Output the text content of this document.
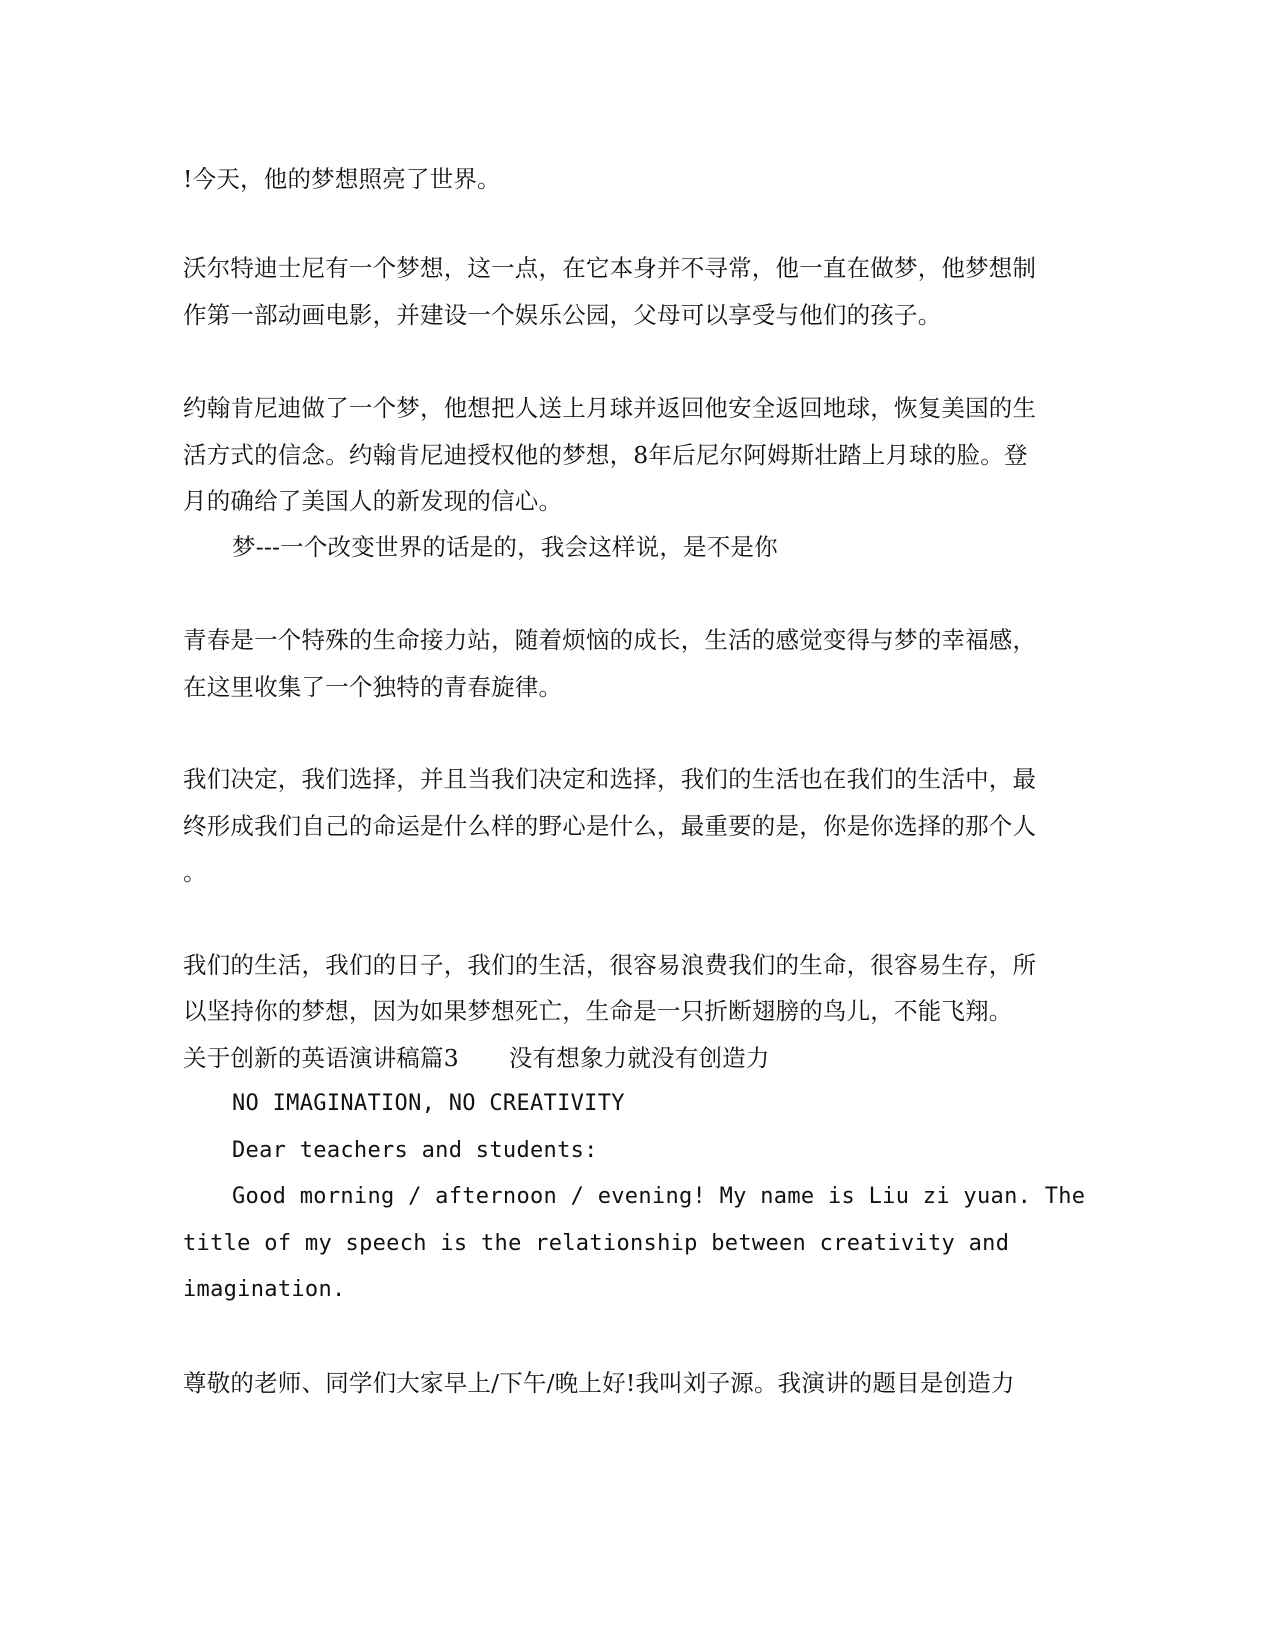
!今天，他的梦想照亮了世界。
沃尔特迪士尼有一个梦想，这一点，在它本身并不寻常，他一直在做梦，他梦想制
作第一部动画电影，并建设一个娱乐公园，父母可以享受与他们的孩子。
约翰肯尼迪做了一个梦，他想把人送上月球并返回他安全返回地球，恢复美国的生
活方式的信念。约翰肯尼迪授权他的梦想，8年后尼尔阿姆斯壮踏上月球的脸。登
月的确给了美国人的新发现的信心。
梦---一个改变世界的话是的，我会这样说，是不是你
青春是一个特殊的生命接力站，随着烦恼的成长，生活的感觉变得与梦的幸福感，
在这里收集了一个独特的青春旋律。
我们决定，我们选择，并且当我们决定和选择，我们的生活也在我们的生活中，最
终形成我们自己的命运是什么样的野心是什么，最重要的是，你是你选择的那个人
。
我们的生活，我们的日子，我们的生活，很容易浪费我们的生命，很容易生存，所
以坚持你的梦想，因为如果梦想死亡，生命是一只折断翅膀的鸟儿，不能飞翔。
关于创新的英语演讲稿篇3 没有想象力就没有创造力
NO IMAGINATION, NO CREATIVITY
Dear teachers and students:
Good morning / afternoon / evening! My name is Liu zi yuan. The
title of my speech is the relationship between creativity and
imagination.
尊敬的老师、同学们大家早上/下午/晚上好!我叫刘子源。我演讲的题目是创造力
